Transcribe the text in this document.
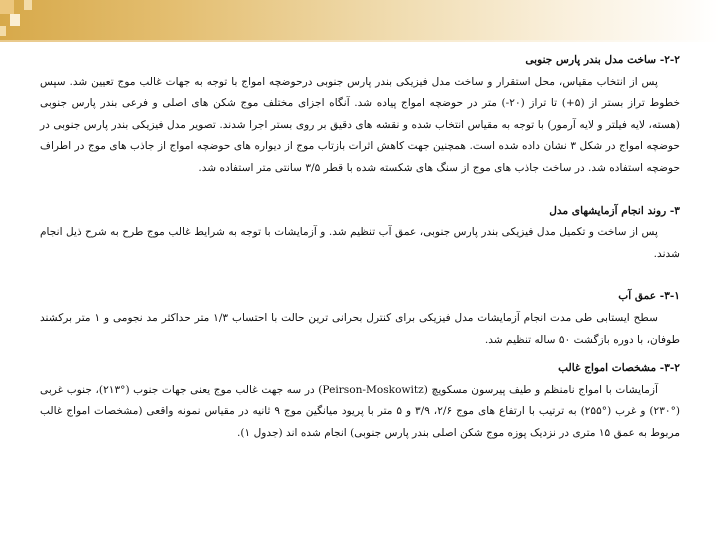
۲-۲- ساخت مدل بندر پارس جنوبی

پس از انتخاب مقیاس، محل استقرار و ساخت مدل فیزیکی بندر پارس جنوبی درحوضچه امواج با توجه به جهات غالب موج تعیین شد. سپس خطوط تراز بستر از (۵+) تا تراز (۲۰-) متر در حوضچه امواج پیاده شد. آنگاه اجزای مختلف موج شکن های اصلی و فرعی بندر پارس جنوبی (هسته، لایه فیلتر و لایه آرمور) با توجه به مقیاس انتخاب شده و نقشه های دقیق بر روی بستر اجرا شدند. تصویر مدل فیزیکی بندر پارس جنوبی در حوضچه امواج در شکل ۳ نشان داده شده است. همچنین جهت کاهش اثرات بازتاب موج از دیواره های حوضچه امواج از جاذب های موج در اطراف حوضچه استفاده شد. در ساخت جاذب های موج از سنگ های شکسته شده با قطر ۳/۵ سانتی متر استفاده شد.

۳- روند انجام آزمایشهای مدل

پس از ساخت و تکمیل مدل فیزیکی بندر پارس جنوبی، عمق آب تنظیم شد. و آزمایشات با توجه به شرایط غالب موج طرح به شرح ذیل انجام شدند.

۳-۱- عمق آب

سطح ایستابی طی مدت انجام آزمایشات مدل فیزیکی برای کنترل بحرانی ترین حالت با احتساب ۱/۳ متر حداکثر مد نجومی و ۱ متر برکشند طوفان، با دوره بازگشت ۵۰ ساله تنظیم شد.

۳-۲- مشخصات امواج غالب

آزمایشات با امواج نامنظم و طیف پیرسون مسکویچ (Peirson-Moskowitz) در سه جهت غالب موج یعنی جهات جنوب (°۲۱۳)، جنوب غربی (°۲۳۰) و غرب (°۲۵۵) به ترتیب با ارتفاع های موج ۲/۶، ۳/۹ و ۵ متر با پریود میانگین موج ۹ ثانیه در مقیاس نمونه واقعی (مشخصات امواج غالب مربوط به عمق ۱۵ متری در نزدیک پوزه موج شکن اصلی بندر پارس جنوبی) انجام شده اند (جدول ۱).
